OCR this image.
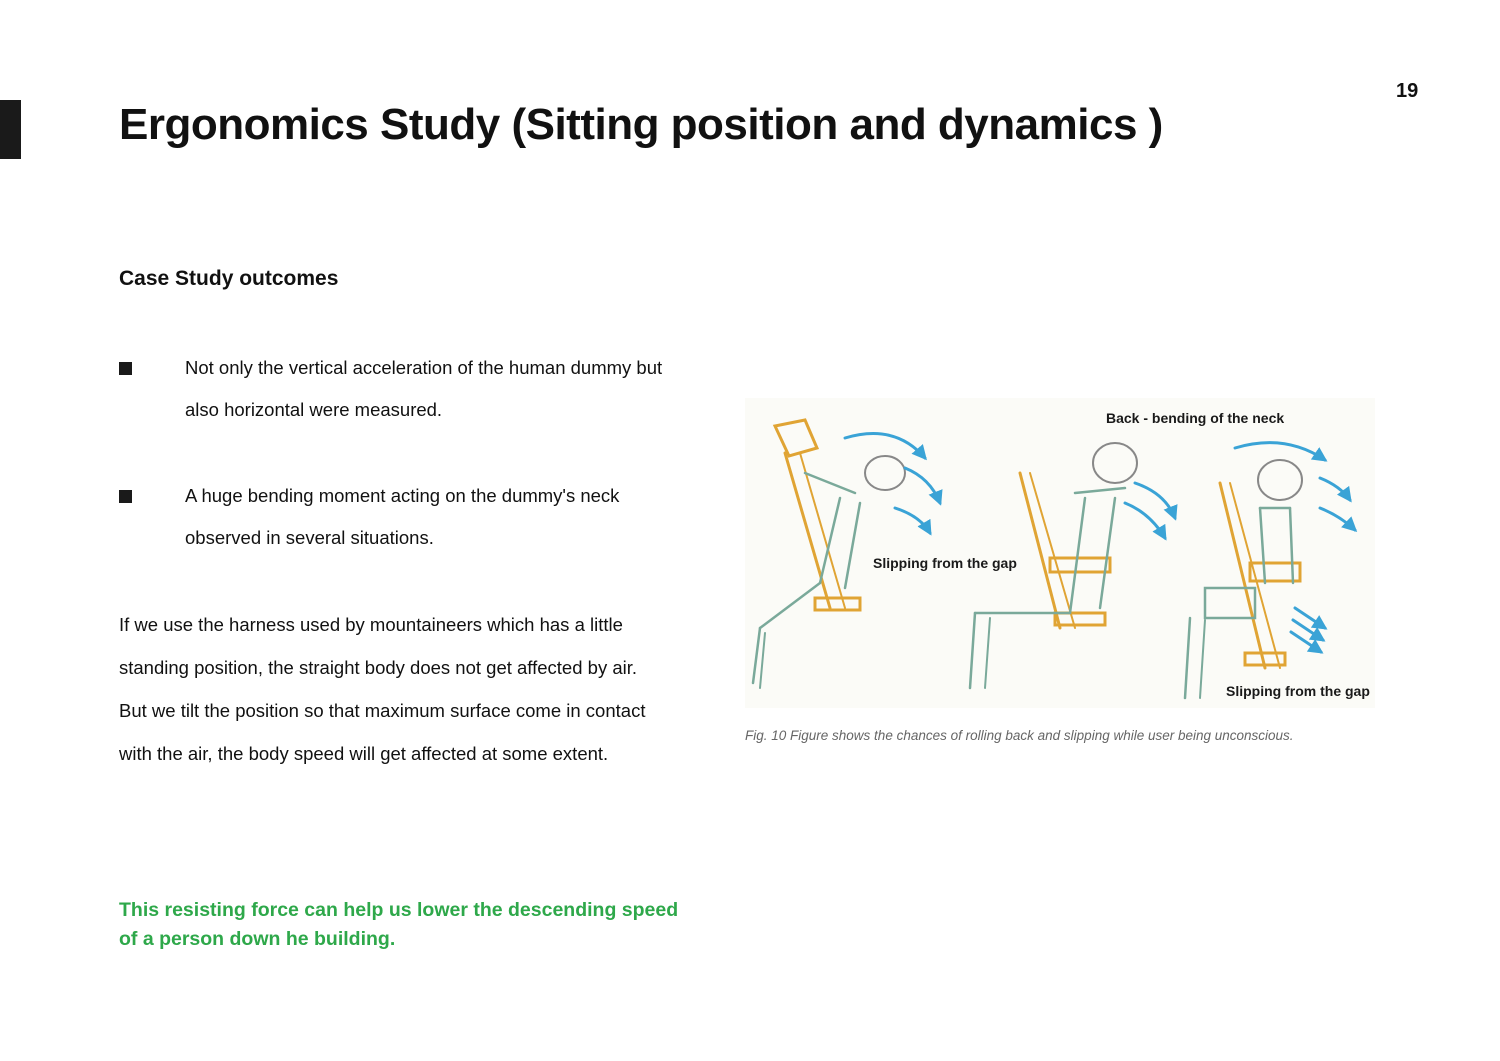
19
Ergonomics Study (Sitting position and dynamics )
Case Study outcomes
Not only the vertical acceleration of the human dummy but also horizontal were measured.
A huge bending moment acting on the dummy's neck observed in several situations.
If we use the harness used by mountaineers which has a little standing position, the straight body does not get affected by air.
But we tilt the position so that maximum surface come in contact with the air, the body speed will get affected at some extent.

This resisting force can help us lower the descending speed of a person down he building.

Back - bending of the neck
Slipping from the gap
Slipping from the gap

Fig. 10 Figure shows the chances of rolling back and slipping while user being unconscious.
